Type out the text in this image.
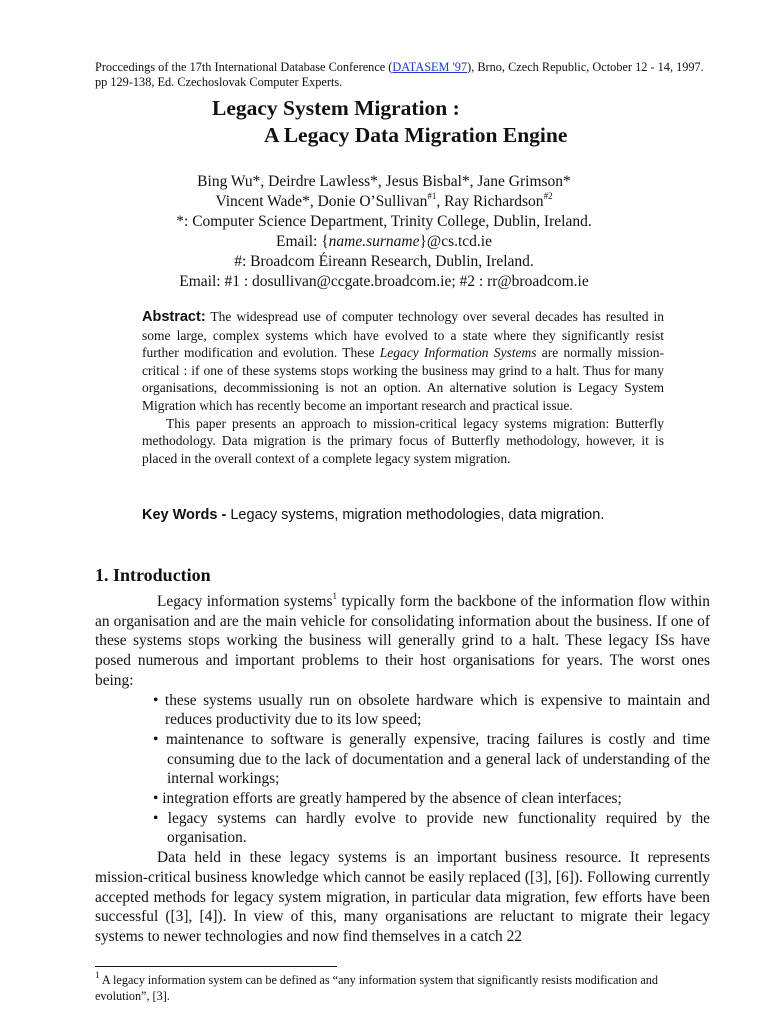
Proccedings of the 17th International Database Conference (DATASEM '97), Brno, Czech Republic, October 12 - 14, 1997. pp 129-138, Ed. Czechoslovak Computer Experts.
Legacy System Migration :
A Legacy Data Migration Engine
Bing Wu*, Deirdre Lawless*, Jesus Bisbal*, Jane Grimson*
Vincent Wade*, Donie O’Sullivan$^{\#1}$, Ray Richardson$^{\#2}$
*: Computer Science Department, Trinity College, Dublin, Ireland.
Email: {name.surname}@cs.tcd.ie
#: Broadcom Éireann Research, Dublin, Ireland.
Email: #1 : dosullivan@ccgate.broadcom.ie; #2 : rr@broadcom.ie

Abstract: The widespread use of computer technology over several decades has resulted in some large, complex systems which have evolved to a state where they significantly resist further modification and evolution. These Legacy Information Systems are normally mission-critical : if one of these systems stops working the business may grind to a halt. Thus for many organisations, decommissioning is not an option. An alternative solution is Legacy System Migration which has recently become an important research and practical issue.

This paper presents an approach to mission-critical legacy systems migration: Butterfly methodology. Data migration is the primary focus of Butterfly methodology, however, it is placed in the overall context of a complete legacy system migration.

Key Words - Legacy systems, migration methodologies, data migration.
1. Introduction

Legacy information systems$^1$ typically form the backbone of the information flow within an organisation and are the main vehicle for consolidating information about the business. If one of these systems stops working the business will generally grind to a halt. These legacy ISs have posed numerous and important problems to their host organisations for years. The worst ones being:

• these systems usually run on obsolete hardware which is expensive to maintain and reduces productivity due to its low speed;
• maintenance to software is generally expensive, tracing failures is costly and time consuming due to the lack of documentation and a general lack of understanding of the internal workings;
• integration efforts are greatly hampered by the absence of clean interfaces;
• legacy systems can hardly evolve to provide new functionality required by the organisation.

Data held in these legacy systems is an important business resource. It represents mission-critical business knowledge which cannot be easily replaced ([3], [6]). Following currently accepted methods for legacy system migration, in particular data migration, few efforts have been successful ([3], [4]). In view of this, many organisations are reluctant to migrate their legacy systems to newer technologies and now find themselves in a catch 22

$^1$ A legacy information system can be defined as “any information system that significantly resists modification and evolution”, [3].
